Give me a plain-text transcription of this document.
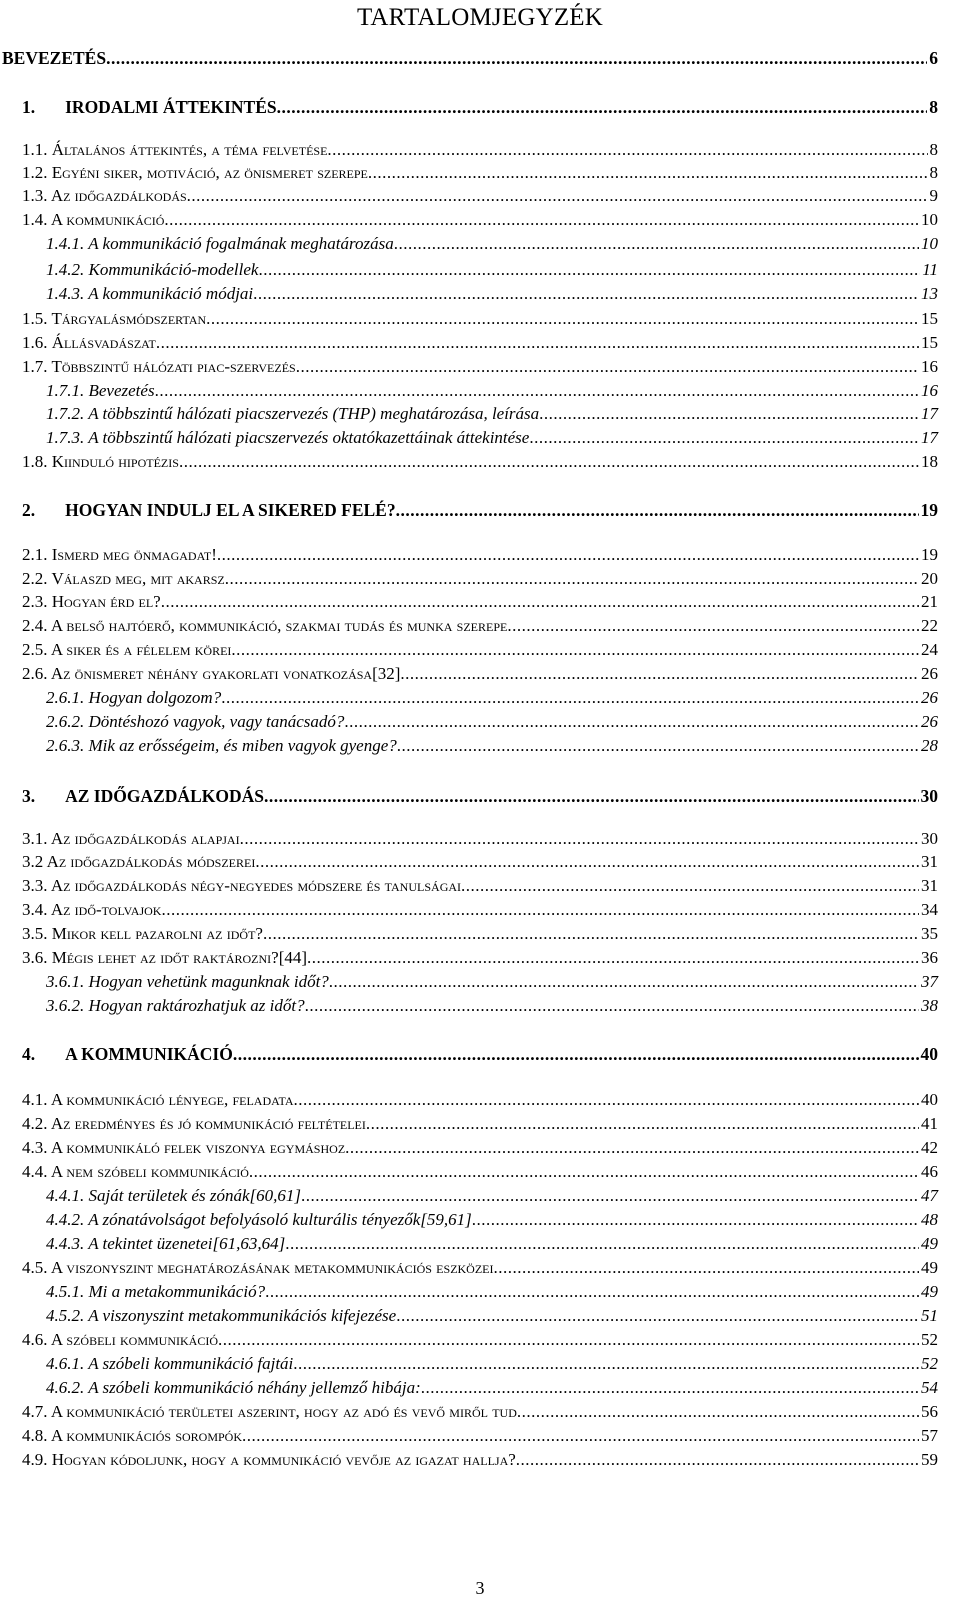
TARTALOMJEGYZÉK
BEVEZETÉS .....	6
1. IRODALMI ÁTTEKINTÉS .....	8
1.1. Általános áttekintés, a téma felvetése .....	8
1.2. Egyéni siker, motiváció, az önismeret szerepe .....	8
1.3. Az időgazdálkodás .....	9
1.4. A kommunikáció .....	10
1.4.1. A kommunikáció fogalmának meghatározása .....	10
1.4.2. Kommunikáció-modellek .....	11
1.4.3. A kommunikáció módjai .....	13
1.5. Tárgyalásmódszertan .....	15
1.6. Állásvadászat .....	15
1.7. Többszintű hálózati piac-szervezés .....	16
1.7.1. Bevezetés .....	16
1.7.2. A többszintű hálózati piacszervezés (THP) meghatározása, leírása .....	17
1.7.3. A többszintű hálózati piacszervezés oktatókazettáinak áttekintése .....	17
1.8. Kiinduló hipotézis .....	18
2. HOGYAN INDULJ EL A SIKERED FELÉ? .....	19
2.1. Ismerd meg önmagadat! .....	19
2.2. Válaszd meg, mit akarsz .....	20
2.3. Hogyan érd el? .....	21
2.4. A belső hajtóerő, kommunikáció, szakmai tudás és munka szerepe .....	22
2.5. A siker és a félelem körei .....	24
2.6. Az önismeret néhány gyakorlati vonatkozása[32] .....	26
2.6.1. Hogyan dolgozom? .....	26
2.6.2. Döntéshozó vagyok, vagy tanácsadó? .....	26
2.6.3. Mik az erősségeim, és miben vagyok gyenge? .....	28
3. AZ IDŐGAZDÁLKODÁS .....	30
3.1. Az időgazdálkodás alapjai .....	30
3.2 Az időgazdálkodás módszerei .....	31
3.3. Az időgazdálkodás négy-negyedes módszere és tanulságai .....	31
3.4. Az idő-tolvajok .....	34
3.5. Mikor kell pazarolni az időt? .....	35
3.6. Mégis lehet az időt raktározni?[44] .....	36
3.6.1. Hogyan vehetünk magunknak időt? .....	37
3.6.2. Hogyan raktározhatjuk az időt? .....	38
4. A KOMMUNIKÁCIÓ .....	40
4.1. A kommunikáció lényege, feladata .....	40
4.2. Az eredményes és jó kommunikáció feltételei .....	41
4.3. A kommunikáló felek viszonya egymáshoz .....	42
4.4. A nem szóbeli kommunikáció .....	46
4.4.1. Saját területek és zónák[60,61] .....	47
4.4.2. A zónatávolságot befolyásoló kulturális tényezők[59,61] .....	48
4.4.3. A tekintet üzenetei[61,63,64] .....	49
4.5. A viszonyszint meghatározásának metakommunikációs eszközei .....	49
4.5.1. Mi a metakommunikáció? .....	49
4.5.2. A viszonyszint metakommunikációs kifejezése .....	51
4.6. A szóbeli kommunikáció .....	52
4.6.1. A szóbeli kommunikáció fajtái .....	52
4.6.2. A szóbeli kommunikáció néhány jellemző hibája: .....	54
4.7. A kommunikáció területei aszerint, hogy az adó és vevő miről tud .....	56
4.8. A kommunikációs sorompók .....	57
4.9. Hogyan kódoljunk, hogy a kommunikáció vevője az igazat hallja? .....	59
3
